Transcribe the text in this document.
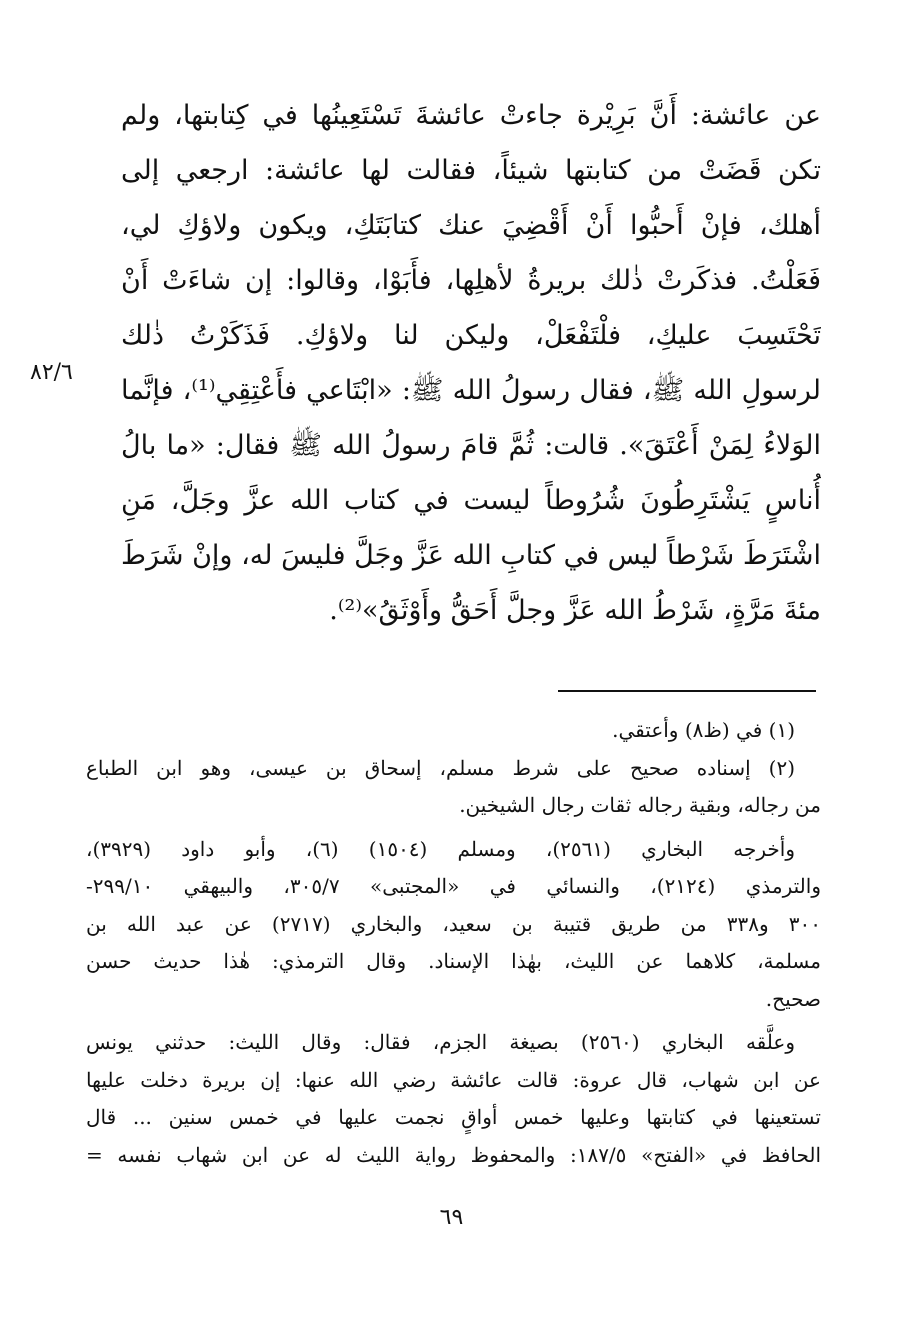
عن عائشة: أَنَّ بَرِيْرة جاءتْ عائشةَ تَسْتَعِينُها في كِتابتها، ولم
تكن قَضَتْ من كتابتها شيئاً، فقالت لها عائشة: ارجعي إلى
أهلك، فإنْ أَحبُّوا أَنْ أَقْضِيَ عنك كتابَتَكِ، ويكون ولاؤكِ لي،
فَعَلْتُ. فذكَرتْ ذٰلك بريرةُ لأهلِها، فأَبَوْا، وقالوا: إن شاءَتْ أَنْ
تَحْتَسِبَ عليكِ، فلْتَفْعَلْ، وليكن لنا ولاؤكِ. فَذَكَرْتُ ذٰلك
لرسولِ الله ﷺ، فقال رسولُ الله ﷺ: «ابْتَاعي فأَعْتِقِي⁽¹⁾، فإنَّما
الوَلاءُ لِمَنْ أَعْتَقَ». قالت: ثُمَّ قامَ رسولُ الله ﷺ فقال: «ما بالُ
أُناسٍ يَشْتَرِطُونَ شُرُوطاً ليست في كتاب الله عزَّ وجَلَّ، مَنِ
اشْتَرَطَ شَرْطاً ليس في كتابِ الله عَزَّ وجَلَّ فليسَ له، وإنْ شَرَطَ
مئةَ مَرَّةٍ، شَرْطُ الله عَزَّ وجلَّ أَحَقُّ وأَوْثَقُ»⁽²⁾.
٨٢/٦
(١) في (ظ٨) وأعتقي.
(٢) إسناده صحيح على شرط مسلم، إسحاق بن عيسى، وهو ابن الطباع
من رجاله، وبقية رجاله ثقات رجال الشيخين.
وأخرجه البخاري (٢٥٦١)، ومسلم (١٥٠٤) (٦)، وأبو داود (٣٩٢٩)،
والترمذي (٢١٢٤)، والنسائي في «المجتبى» ٣٠٥/٧، والبيهقي ٢٩٩/١٠-
٣٠٠ و٣٣٨ من طريق قتيبة بن سعيد، والبخاري (٢٧١٧) عن عبد الله بن
مسلمة، كلاهما عن الليث، بهٰذا الإسناد. وقال الترمذي: هٰذا حديث حسن
صحيح.
وعلَّقه البخاري (٢٥٦٠) بصيغة الجزم، فقال: وقال الليث: حدثني يونس
عن ابن شهاب، قال عروة: قالت عائشة رضي الله عنها: إن بريرة دخلت عليها
تستعينها في كتابتها وعليها خمس أواقٍ نجمت عليها في خمس سنين ... قال
الحافظ في «الفتح» ١٨٧/٥: والمحفوظ رواية الليث له عن ابن شهاب نفسه =
٦٩
